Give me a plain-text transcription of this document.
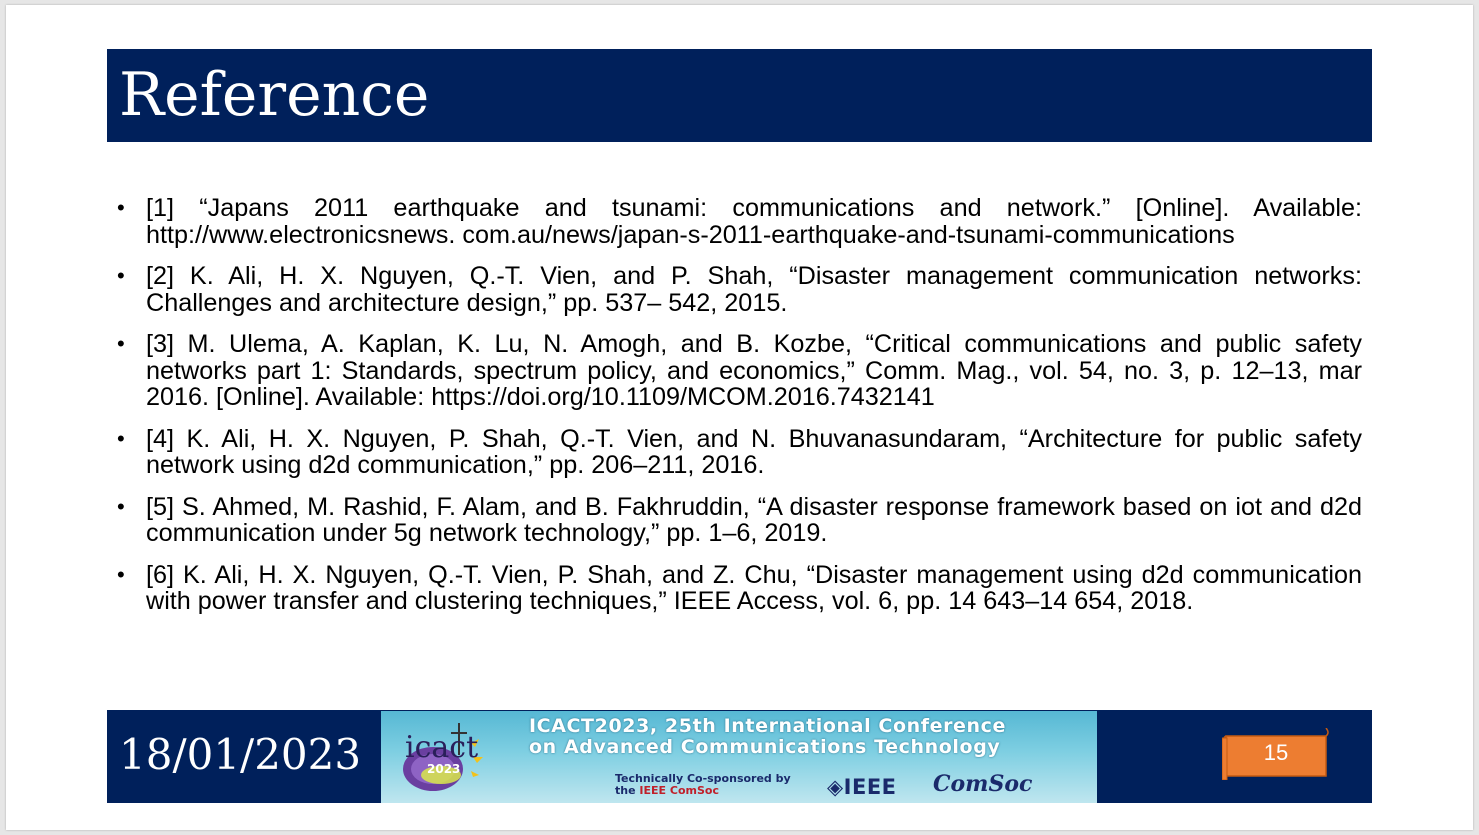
Reference
• [1] “Japans 2011 earthquake and tsunami: communications and network.” [Online]. Available: http://www.electronicsnews. com.au/news/japan-s-2011-earthquake-and-tsunami-communications
• [2] K. Ali, H. X. Nguyen, Q.-T. Vien, and P. Shah, “Disaster management communication networks: Challenges and architecture design,” pp. 537– 542, 2015.
• [3] M. Ulema, A. Kaplan, K. Lu, N. Amogh, and B. Kozbe, “Critical communications and public safety networks part 1: Standards, spectrum policy, and economics,” Comm. Mag., vol. 54, no. 3, p. 12–13, mar 2016. [Online]. Available: https://doi.org/10.1109/MCOM.2016.7432141
• [4] K. Ali, H. X. Nguyen, P. Shah, Q.-T. Vien, and N. Bhuvanasundaram, “Architecture for public safety network using d2d communication,” pp. 206–211, 2016.
• [5] S. Ahmed, M. Rashid, F. Alam, and B. Fakhruddin, “A disaster response framework based on iot and d2d communication under 5g network technology,” pp. 1–6, 2019.
• [6] K. Ali, H. X. Nguyen, Q.-T. Vien, P. Shah, and Z. Chu, “Disaster management using d2d communication with power transfer and clustering techniques,” IEEE Access, vol. 6, pp. 14 643–14 654, 2018.
18/01/2023 icact
2023
ICACT2023, 25th International Conference
on Advanced Communications Technology
Technically Co-sponsored by
the IEEE ComSoc	◈IEEE ComSoc
15
